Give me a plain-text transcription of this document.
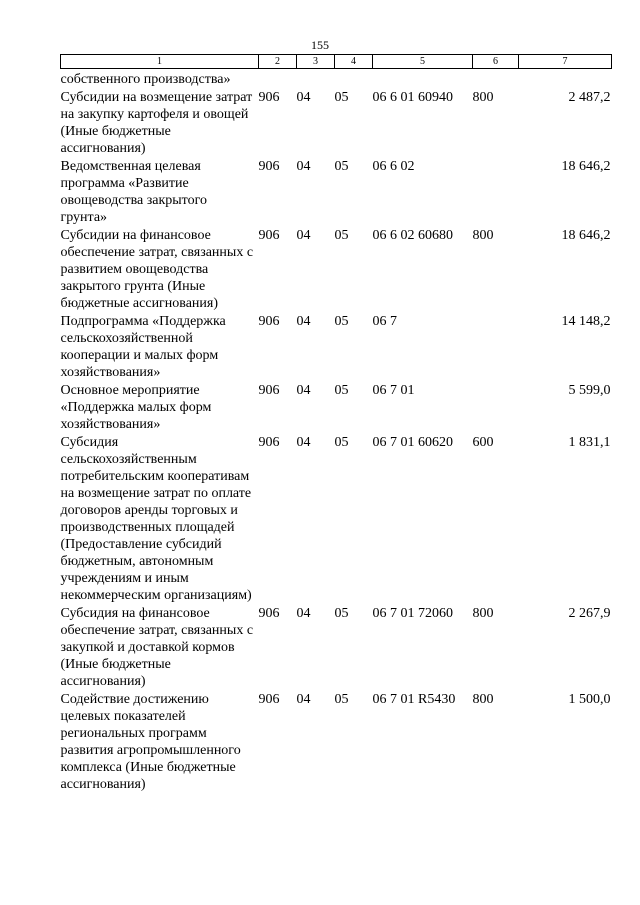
155
1	2	3	4	5	6	7
собственного производства»						
Субсидии на возмещение затрат на закупку картофеля и овощей (Иные бюджетные ассигнования)	906	04	05	06 6 01 60940	800	2 487,2
Ведомственная целевая программа «Развитие овощеводства закрытого грунта»	906	04	05	06 6 02		18 646,2
Субсидии на финансовое обеспечение затрат, связанных с развитием овощеводства закрытого грунта (Иные бюджетные ассигнования)	906	04	05	06 6 02 60680	800	18 646,2
Подпрограмма «Поддержка сельскохозяйственной кооперации и малых форм хозяйствования»	906	04	05	06 7		14 148,2
Основное мероприятие «Поддержка малых форм хозяйствования»	906	04	05	06 7 01		5 599,0
Субсидия сельскохозяйственным потребительским кооперативам на возмещение затрат по оплате договоров аренды торговых и производственных площадей (Предоставление субсидий бюджетным, автономным учреждениям и иным некоммерческим организациям)	906	04	05	06 7 01 60620	600	1 831,1
Субсидия на финансовое обеспечение затрат, связанных с закупкой и доставкой кормов (Иные бюджетные ассигнования)	906	04	05	06 7 01 72060	800	2 267,9
Содействие достижению целевых показателей региональных программ развития агропромышленного комплекса (Иные бюджетные ассигнования)	906	04	05	06 7 01 R5430	800	1 500,0
